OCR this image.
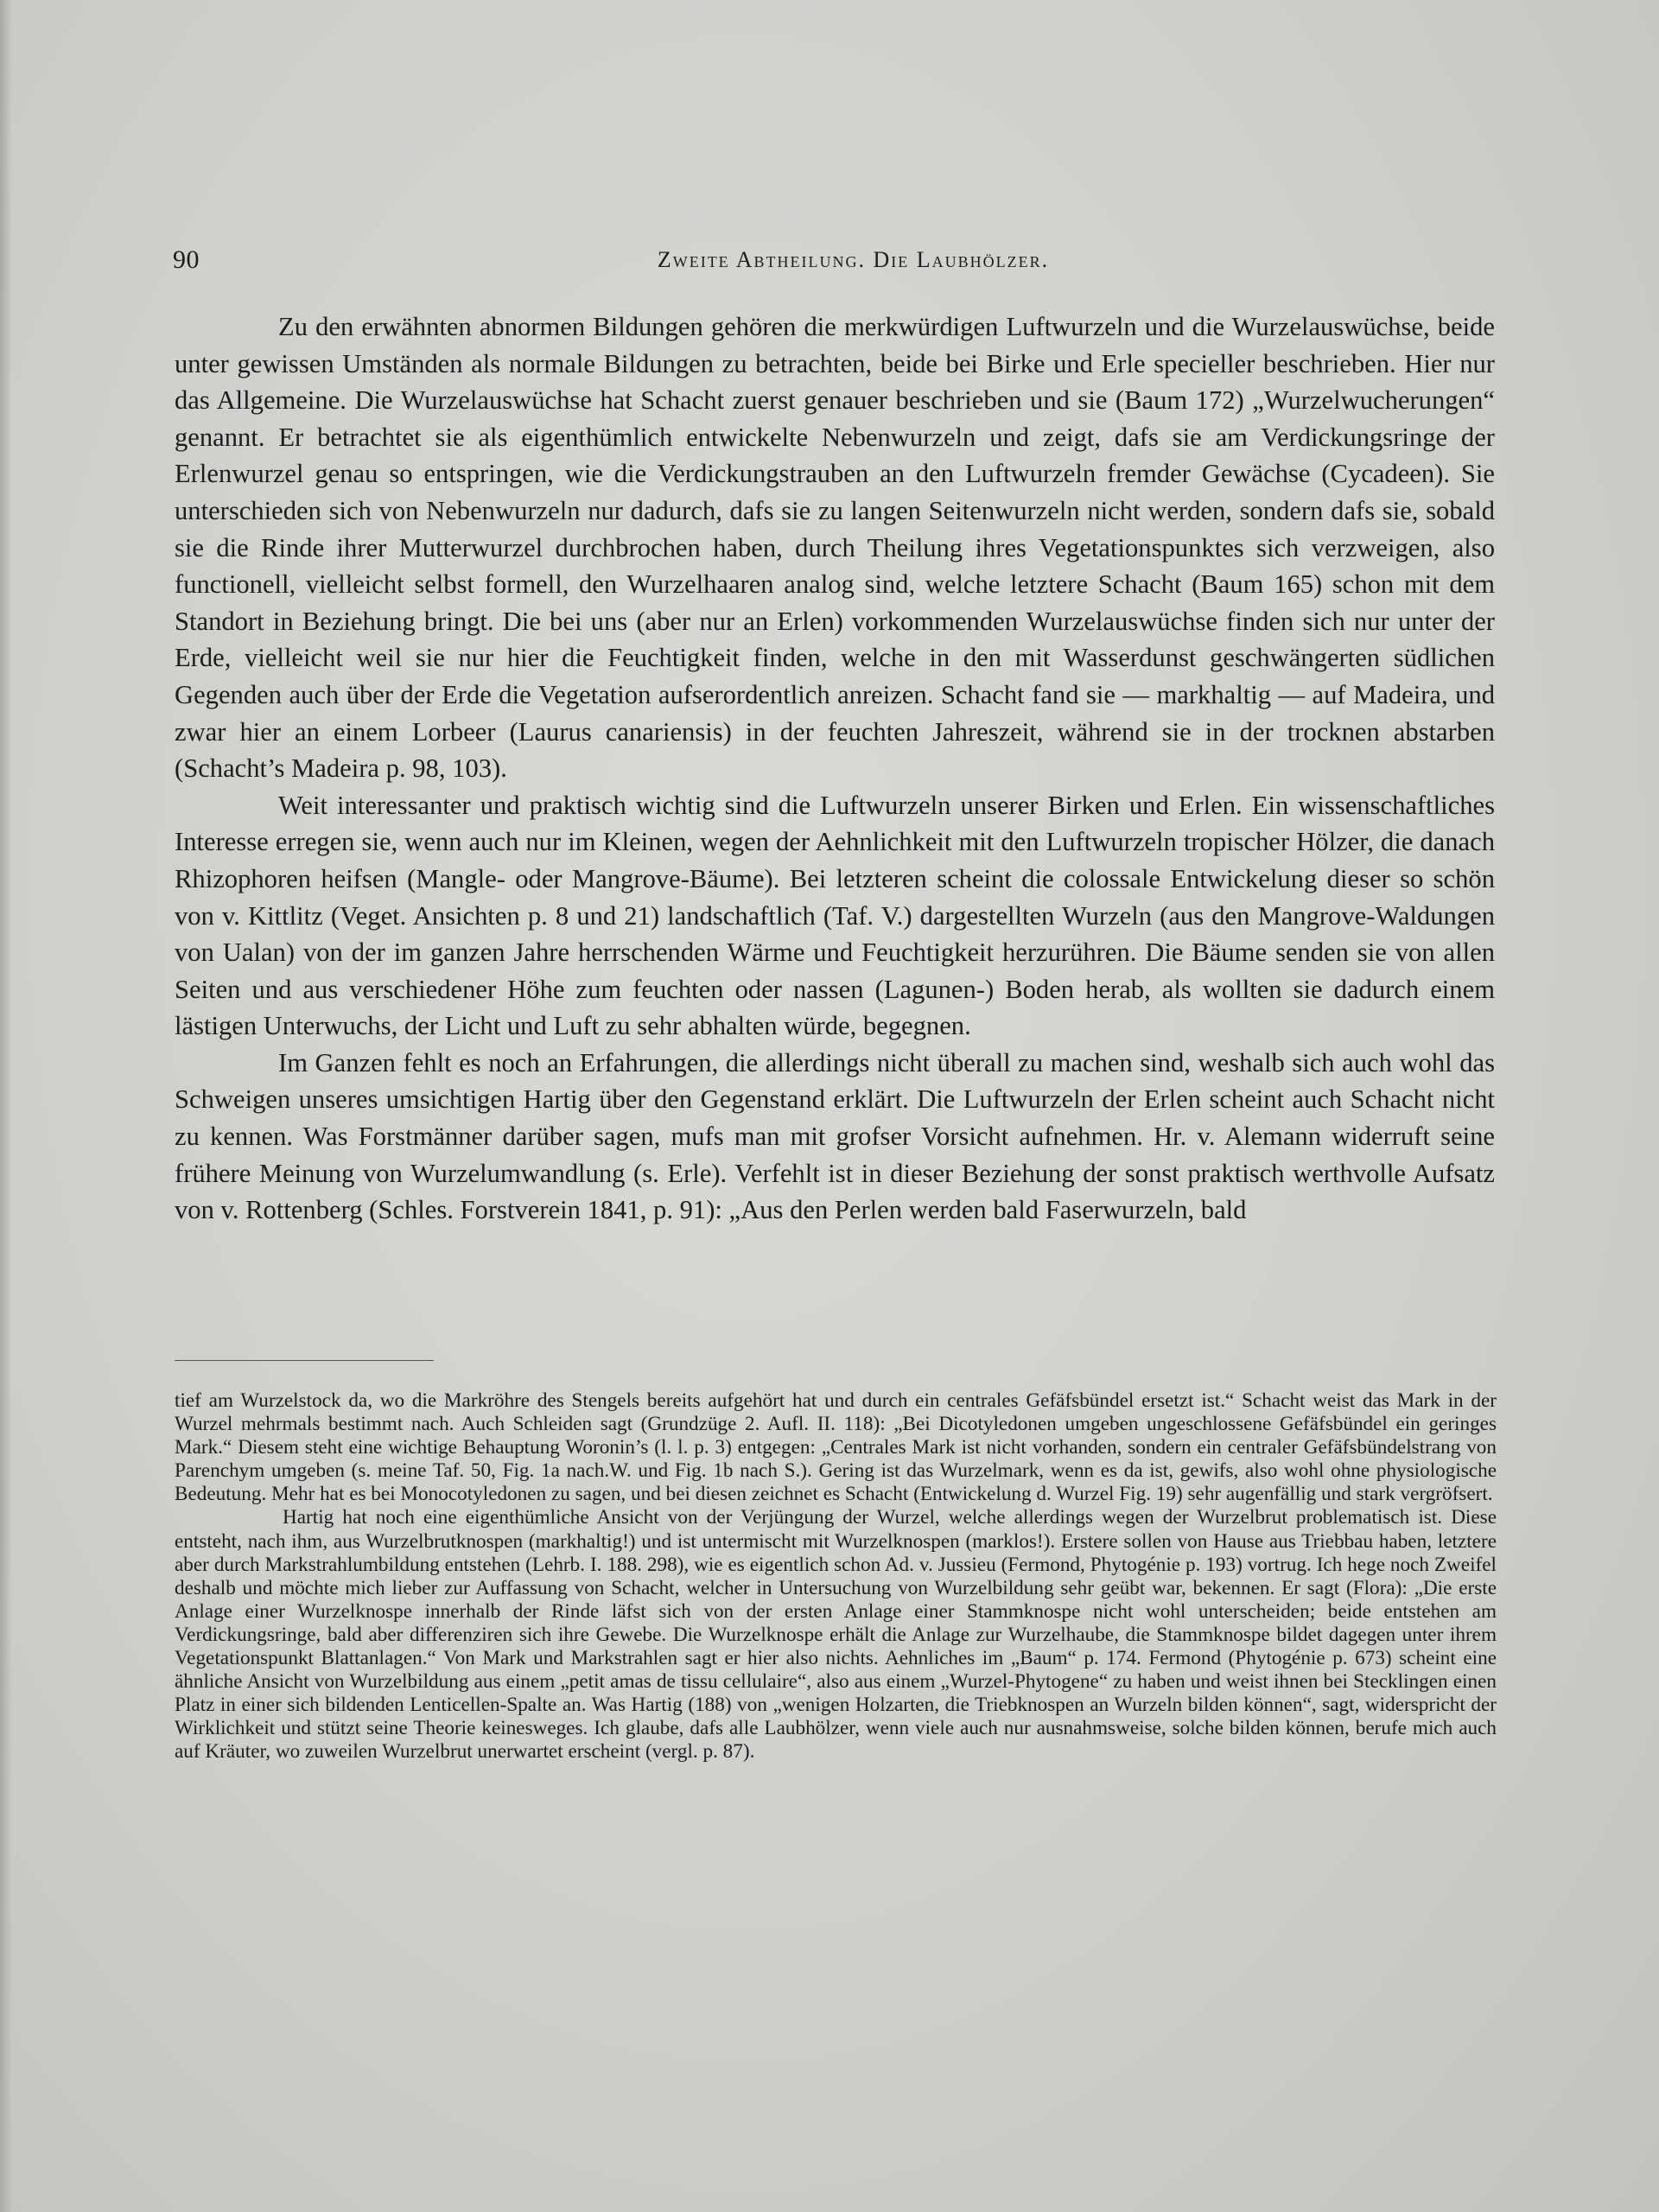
90	Zweite Abtheilung. Die Laubhölzer.

Zu den erwähnten abnormen Bildungen gehören die merkwürdigen Luftwurzeln und die Wurzelauswüchse, beide unter gewissen Umständen als normale Bildungen zu betrachten, beide bei Birke und Erle specieller beschrieben. Hier nur das Allgemeine. Die Wurzelauswüchse hat Schacht zuerst genauer beschrieben und sie (Baum 172) „Wurzelwucherungen“ genannt. Er betrachtet sie als eigenthümlich entwickelte Nebenwurzeln und zeigt, dafs sie am Verdickungsringe der Erlenwurzel genau so entspringen, wie die Verdickungstrauben an den Luftwurzeln fremder Gewächse (Cycadeen). Sie unterschieden sich von Nebenwurzeln nur dadurch, dafs sie zu langen Seitenwurzeln nicht werden, sondern dafs sie, sobald sie die Rinde ihrer Mutterwurzel durchbrochen haben, durch Theilung ihres Vegetationspunktes sich verzweigen, also functionell, vielleicht selbst formell, den Wurzelhaaren analog sind, welche letztere Schacht (Baum 165) schon mit dem Standort in Beziehung bringt. Die bei uns (aber nur an Erlen) vorkommenden Wurzelauswüchse finden sich nur unter der Erde, vielleicht weil sie nur hier die Feuchtigkeit finden, welche in den mit Wasserdunst geschwängerten südlichen Gegenden auch über der Erde die Vegetation aufserordentlich anreizen. Schacht fand sie — markhaltig — auf Madeira, und zwar hier an einem Lorbeer (Laurus canariensis) in der feuchten Jahreszeit, während sie in der trocknen abstarben (Schacht’s Madeira p. 98, 103).

Weit interessanter und praktisch wichtig sind die Luftwurzeln unserer Birken und Erlen. Ein wissenschaftliches Interesse erregen sie, wenn auch nur im Kleinen, wegen der Aehnlichkeit mit den Luftwurzeln tropischer Hölzer, die danach Rhizophoren heifsen (Mangle- oder Mangrove-Bäume). Bei letzteren scheint die colossale Entwickelung dieser so schön von v. Kittlitz (Veget. Ansichten p. 8 und 21) landschaftlich (Taf. V.) dargestellten Wurzeln (aus den Mangrove-Waldungen von Ualan) von der im ganzen Jahre herrschenden Wärme und Feuchtigkeit herzurühren. Die Bäume senden sie von allen Seiten und aus verschiedener Höhe zum feuchten oder nassen (Lagunen-) Boden herab, als wollten sie dadurch einem lästigen Unterwuchs, der Licht und Luft zu sehr abhalten würde, begegnen.

Im Ganzen fehlt es noch an Erfahrungen, die allerdings nicht überall zu machen sind, weshalb sich auch wohl das Schweigen unseres umsichtigen Hartig über den Gegenstand erklärt. Die Luftwurzeln der Erlen scheint auch Schacht nicht zu kennen. Was Forstmänner darüber sagen, mufs man mit grofser Vorsicht aufnehmen. Hr. v. Alemann widerruft seine frühere Meinung von Wurzelumwandlung (s. Erle). Verfehlt ist in dieser Beziehung der sonst praktisch werthvolle Aufsatz von v. Rottenberg (Schles. Forstverein 1841, p. 91): „Aus den Perlen werden bald Faserwurzeln, bald

tief am Wurzelstock da, wo die Markröhre des Stengels bereits aufgehört hat und durch ein centrales Gefäfsbündel ersetzt ist.“ Schacht weist das Mark in der Wurzel mehrmals bestimmt nach. Auch Schleiden sagt (Grundzüge 2. Aufl. II. 118): „Bei Dicotyledonen umgeben ungeschlossene Gefäfsbündel ein geringes Mark.“ Diesem steht eine wichtige Behauptung Woronin’s (l. l. p. 3) entgegen: „Centrales Mark ist nicht vorhanden, sondern ein centraler Gefäfsbündelstrang von Parenchym umgeben (s. meine Taf. 50, Fig. 1a nach.W. und Fig. 1b nach S.). Gering ist das Wurzelmark, wenn es da ist, gewifs, also wohl ohne physiologische Bedeutung. Mehr hat es bei Monocotyledonen zu sagen, und bei diesen zeichnet es Schacht (Entwickelung d. Wurzel Fig. 19) sehr augenfällig und stark vergröfsert.

Hartig hat noch eine eigenthümliche Ansicht von der Verjüngung der Wurzel, welche allerdings wegen der Wurzelbrut problematisch ist. Diese entsteht, nach ihm, aus Wurzelbrutknospen (markhaltig!) und ist untermischt mit Wurzelknospen (marklos!). Erstere sollen von Hause aus Triebbau haben, letztere aber durch Markstrahlumbildung entstehen (Lehrb. I. 188. 298), wie es eigentlich schon Ad. v. Jussieu (Fermond, Phytogénie p. 193) vortrug. Ich hege noch Zweifel deshalb und möchte mich lieber zur Auffassung von Schacht, welcher in Untersuchung von Wurzelbildung sehr geübt war, bekennen. Er sagt (Flora): „Die erste Anlage einer Wurzelknospe innerhalb der Rinde läfst sich von der ersten Anlage einer Stammknospe nicht wohl unterscheiden; beide entstehen am Verdickungsringe, bald aber differenziren sich ihre Gewebe. Die Wurzelknospe erhält die Anlage zur Wurzelhaube, die Stammknospe bildet dagegen unter ihrem Vegetationspunkt Blattanlagen.“ Von Mark und Markstrahlen sagt er hier also nichts. Aehnliches im „Baum“ p. 174. Fermond (Phytogénie p. 673) scheint eine ähnliche Ansicht von Wurzelbildung aus einem „petit amas de tissu cellulaire“, also aus einem „Wurzel-Phytogene“ zu haben und weist ihnen bei Stecklingen einen Platz in einer sich bildenden Lenticellen-Spalte an. Was Hartig (188) von „wenigen Holzarten, die Triebknospen an Wurzeln bilden können“, sagt, widerspricht der Wirklichkeit und stützt seine Theorie keinesweges. Ich glaube, dafs alle Laubhölzer, wenn viele auch nur ausnahmsweise, solche bilden können, berufe mich auch auf Kräuter, wo zuweilen Wurzelbrut unerwartet erscheint (vergl. p. 87).
